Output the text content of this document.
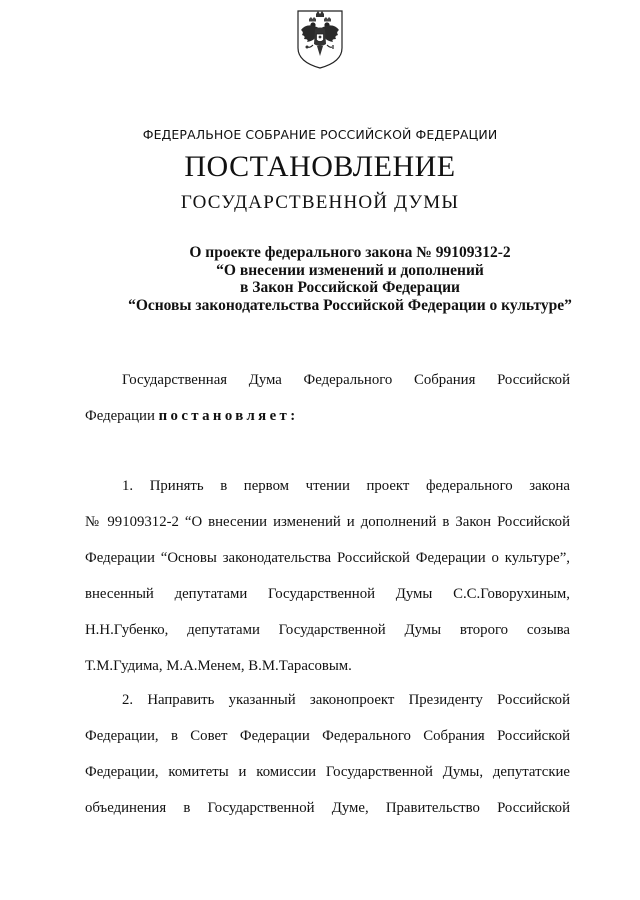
ФЕДЕРАЛЬНОЕ СОБРАНИЕ РОССИЙСКОЙ ФЕДЕРАЦИИ
ПОСТАНОВЛЕНИЕ
ГОСУДАРСТВЕННОЙ ДУМЫ
О проекте федерального закона № 99109312-2
“О внесении изменений и дополнений
в Закон Российской Федерации
“Основы законодательства Российской Федерации о культуре”
Государственная Дума Федерального Собрания Российской
Федерации постановляет:
1. Принять в первом чтении проект федерального закона
№ 99109312-2 “О внесении изменений и дополнений в Закон Российской
Федерации “Основы законодательства Российской Федерации о культуре”,
внесенный депутатами Государственной Думы С.С.Говорухиным,
Н.Н.Губенко, депутатами Государственной Думы второго созыва
Т.М.Гудима, М.А.Менем, В.М.Тарасовым.
2. Направить указанный законопроект Президенту Российской
Федерации, в Совет Федерации Федерального Собрания Российской
Федерации, комитеты и комиссии Государственной Думы, депутатские
объединения в Государственной Думе, Правительство Российской
